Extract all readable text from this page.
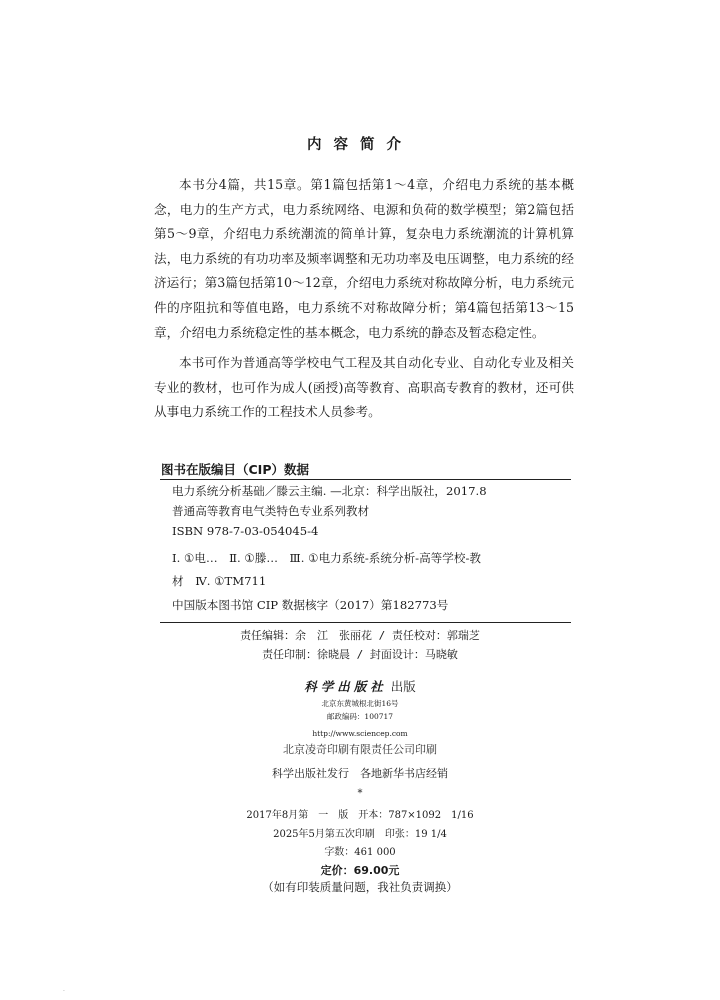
内容简介

本书分4篇，共15章。第1篇包括第1～4章，介绍电力系统的基本概念，电力的生产方式，电力系统网络、电源和负荷的数学模型；第2篇包括第5～9章，介绍电力系统潮流的简单计算，复杂电力系统潮流的计算机算法，电力系统的有功功率及频率调整和无功功率及电压调整，电力系统的经济运行；第3篇包括第10～12章，介绍电力系统对称故障分析，电力系统元件的序阻抗和等值电路，电力系统不对称故障分析；第4篇包括第13～15章，介绍电力系统稳定性的基本概念，电力系统的静态及暂态稳定性。

本书可作为普通高等学校电气工程及其自动化专业、自动化专业及相关专业的教材，也可作为成人(函授)高等教育、高职高专教育的教材，还可供从事电力系统工作的工程技术人员参考。

图书在版编目（CIP）数据
电力系统分析基础／滕云主编. —北京：科学出版社，2017.8
普通高等教育电气类特色专业系列教材
ISBN 978-7-03-054045-4
Ⅰ. ①电…　Ⅱ. ①滕…　Ⅲ. ①电力系统-系统分析-高等学校-教
材　Ⅳ. ①TM711
中国版本图书馆 CIP 数据核字（2017）第182773号
责任编辑：余　江　张丽花 / 责任校对：郭瑞芝
责任印制：徐晓晨 / 封面设计：马晓敏
科学出版社 出版
北京东黄城根北街16号
邮政编码：100717
http://www.sciencep.com
北京凌奇印刷有限责任公司印刷
科学出版社发行　各地新华书店经销
*
2017年8月第　一　版　开本：787×1092　1/16
2025年5月第五次印刷　印张：19 1/4
字数：461 000
定价：69.00元
（如有印装质量问题，我社负责调换）
·
